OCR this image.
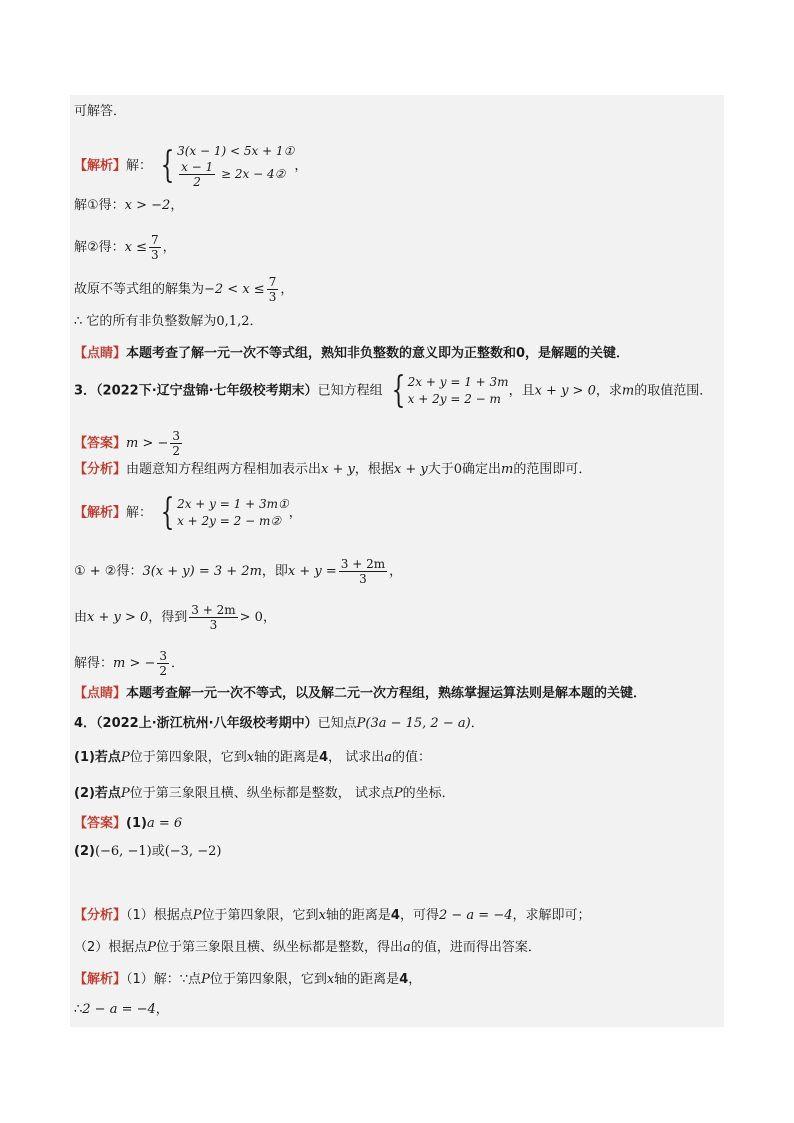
可解答．
【解析】解： { 3(x − 1) < 5x + 1①
$\frac{x - 1}{2} \ge 2x$ − 4②
，
解①得：x > −2，
解②得：$x \le \frac{7}{3}$ ，
故原不等式组的解集为$-2 < x \le \frac{7}{3}$ ，
∴ 它的所有非负整数解为0,1,2．
【点睛】本题考查了解一元一次不等式组，熟知非负整数的意义即为正整数和0，是解题的关键．
3．（2022下·辽宁盘锦·七年级校考期末）已知方程组 { 2x + y = 1 + 3m
x + 2y = 2 − m
，且x + y > 0，求m的取值范围．
【答案】m > − $\frac{3}{2}$
【分析】由题意知方程组两方程相加表示出x + y，根据x + y大于0确定出m的范围即可．
【解析】解： { 2x + y = 1 + 3m①
x + 2y = 2 − m②
，
① + ②得：3(x + y) = 3 + 2m，即$x + y = \frac{3 + 2m}{3}$ ，
由x + y > 0，得到 $\frac{3 + 2m}{3} > 0$，
解得：m > − $\frac{3}{2}$ ．
【点睛】本题考查解一元一次不等式，以及解二元一次方程组，熟练掌握运算法则是解本题的关键．
4．（2022上·浙江杭州·八年级校考期中）已知点P(3a − 15, 2 − a)．
(1)若点P位于第四象限，它到x轴的距离是4， 试求出a的值：
(2)若点P位于第三象限且横、纵坐标都是整数， 试求点P的坐标．
【答案】(1)a = 6
(2)(−6, −1)或(−3, −2)
【分析】（1）根据点P位于第四象限，它到x轴的距离是4，可得2 − a = −4，求解即可；
（2）根据点P位于第三象限且横、纵坐标都是整数，得出a的值，进而得出答案．
【解析】（1）解：∵点P位于第四象限，它到x轴的距离是4，
∴2 − a = −4，
